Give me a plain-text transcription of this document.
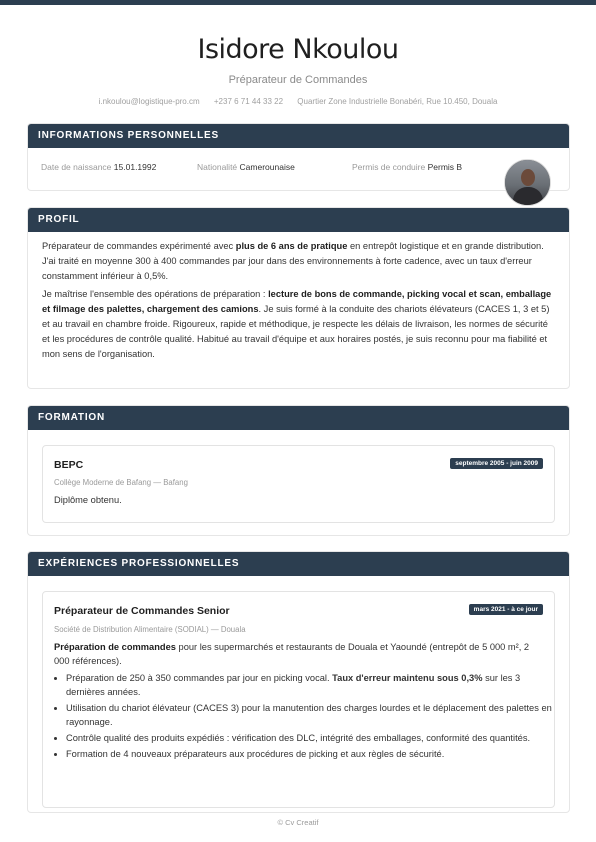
Isidore Nkoulou
Préparateur de Commandes
i.nkoulou@logistique-pro.cm +237 6 71 44 33 22 Quartier Zone Industrielle Bonabéri, Rue 10.450, Douala
INFORMATIONS PERSONNELLES
Date de naissance 15.01.1992	Nationalité Camerounaise	Permis de conduire Permis B
PROFIL

Préparateur de commandes expérimenté avec plus de 6 ans de pratique en entrepôt logistique et en grande distribution. J'ai traité en moyenne 300 à 400 commandes par jour dans des environnements à forte cadence, avec un taux d'erreur constamment inférieur à 0,5%.

Je maîtrise l'ensemble des opérations de préparation : lecture de bons de commande, picking vocal et scan, emballage et filmage des palettes, chargement des camions. Je suis formé à la conduite des chariots élévateurs (CACES 1, 3 et 5) et au travail en chambre froide. Rigoureux, rapide et méthodique, je respecte les délais de livraison, les normes de sécurité et les procédures de contrôle qualité. Habitué au travail d'équipe et aux horaires postés, je suis reconnu pour ma fiabilité et mon sens de l'organisation.

FORMATION
BEPC	septembre 2005 - juin 2009
Collège Moderne de Bafang — Bafang
Diplôme obtenu.
EXPÉRIENCES PROFESSIONNELLES
Préparateur de Commandes Senior	mars 2021 - à ce jour
Société de Distribution Alimentaire (SODIAL) — Douala
Préparation de commandes pour les supermarchés et restaurants de Douala et Yaoundé (entrepôt de 5 000 m², 2 000 références).
• Préparation de 250 à 350 commandes par jour en picking vocal. Taux d'erreur maintenu sous 0,3% sur les 3 dernières années.
• Utilisation du chariot élévateur (CACES 3) pour la manutention des charges lourdes et le déplacement des palettes en rayonnage.
• Contrôle qualité des produits expédiés : vérification des DLC, intégrité des emballages, conformité des quantités.
• Formation de 4 nouveaux préparateurs aux procédures de picking et aux règles de sécurité.
© Cv Creatif
